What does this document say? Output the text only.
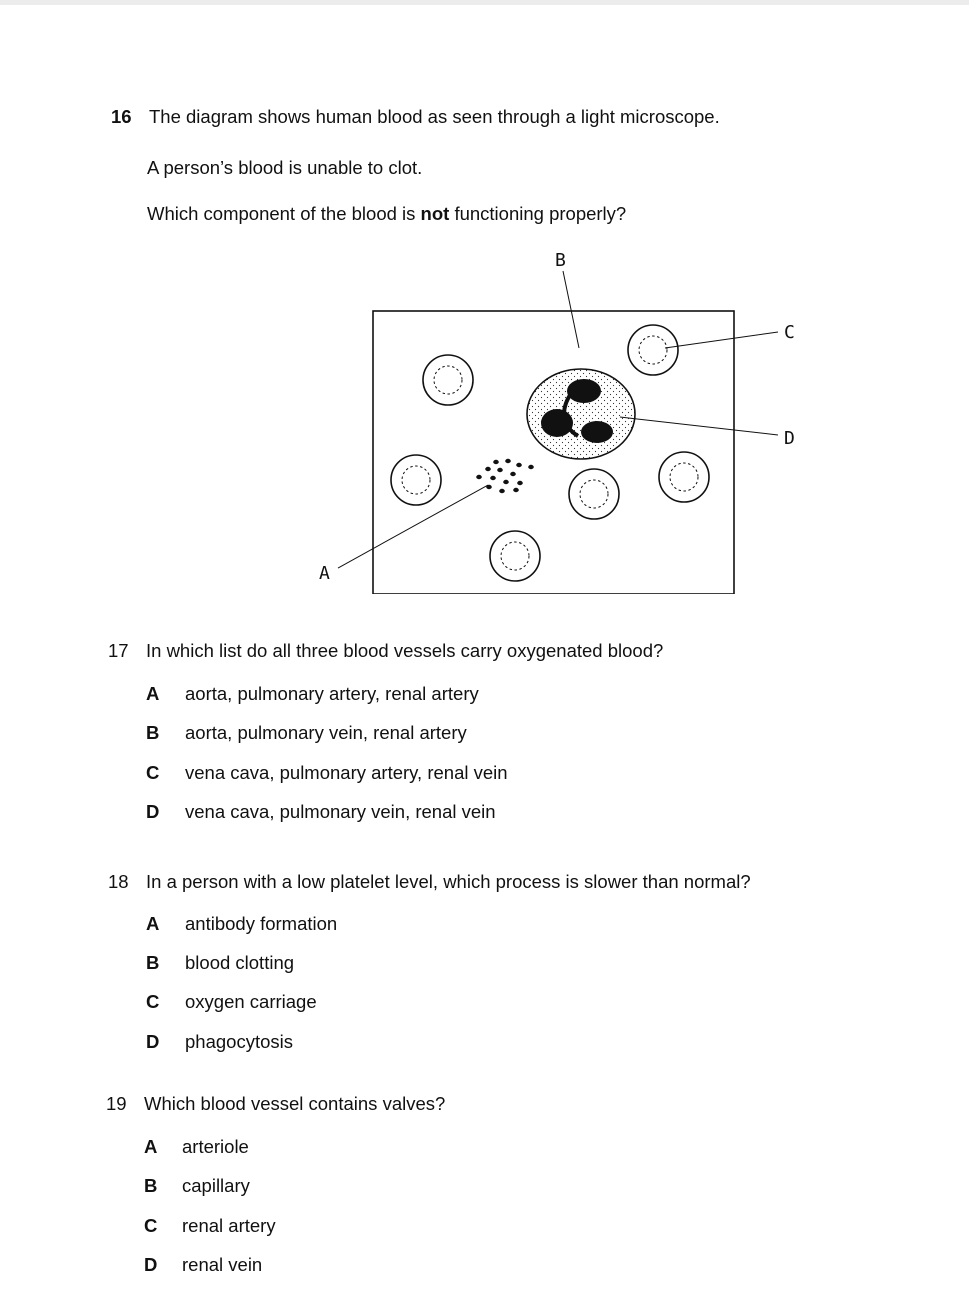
16 The diagram shows human blood as seen through a light microscope.
A person’s blood is unable to clot.
Which component of the blood is not functioning properly?
B
C
D
A
17 In which list do all three blood vessels carry oxygenated blood?
A aorta, pulmonary artery, renal artery
B aorta, pulmonary vein, renal artery
C vena cava, pulmonary artery, renal vein
D vena cava, pulmonary vein, renal vein
18 In a person with a low platelet level, which process is slower than normal?
A antibody formation
B blood clotting
C oxygen carriage
D phagocytosis
19 Which blood vessel contains valves?
A arteriole
B capillary
C renal artery
D renal vein
